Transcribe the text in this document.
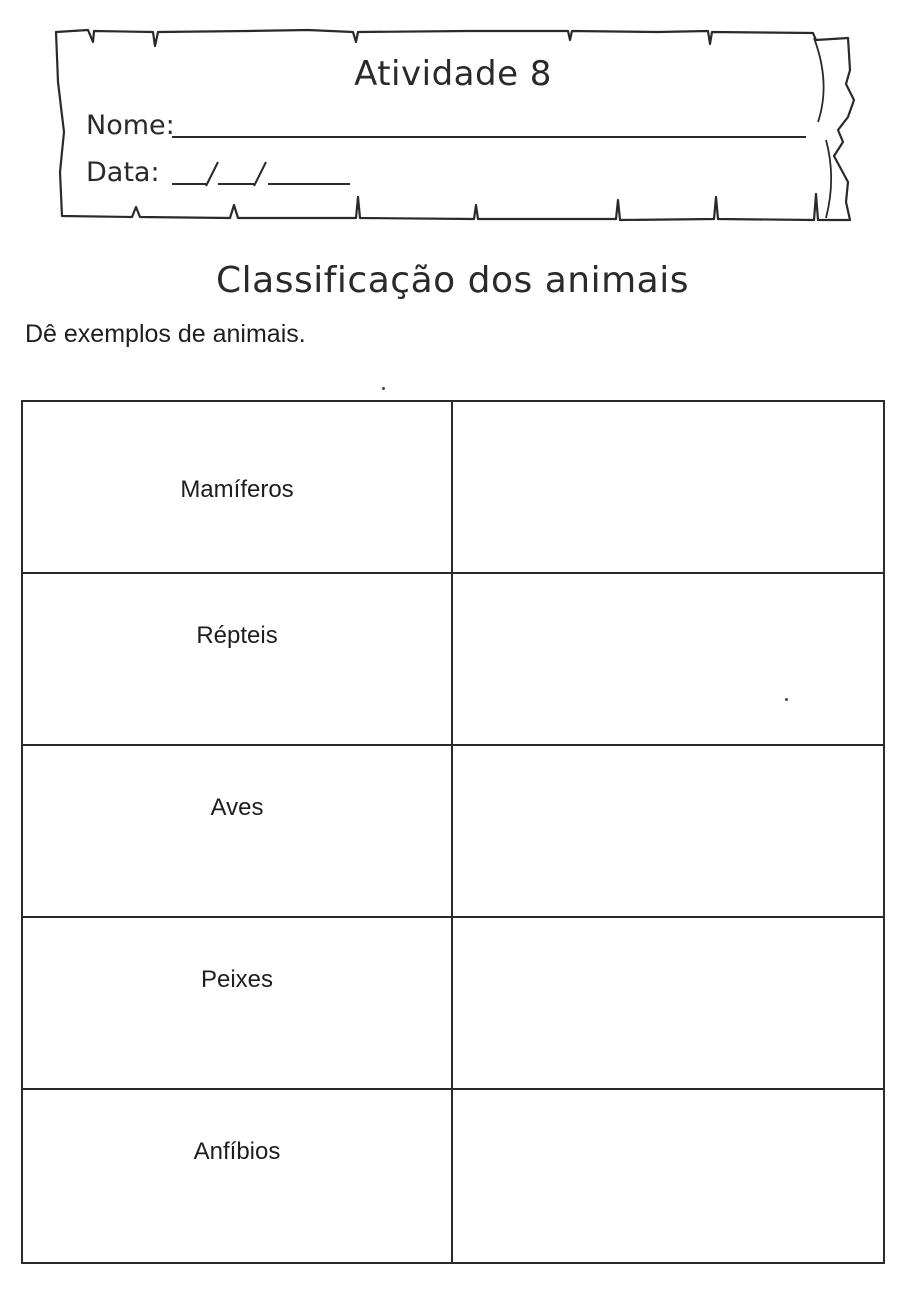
Atividade 8
Nome:
Data:
Classificação dos animais
Dê exemplos de animais.
Mamíferos
Répteis
Aves
Peixes
Anfíbios
